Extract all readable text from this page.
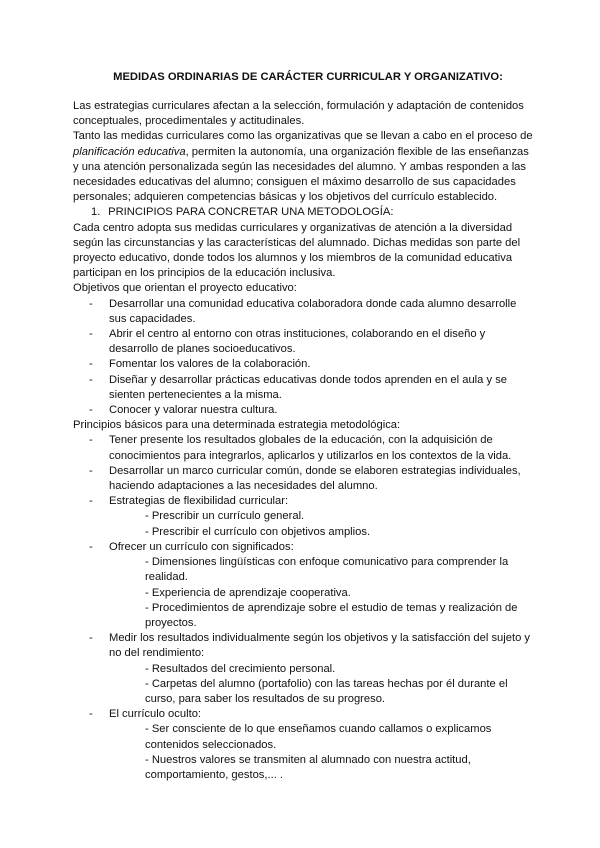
MEDIDAS ORDINARIAS DE CARÁCTER CURRICULAR Y ORGANIZATIVO:

Las estrategias curriculares afectan a la selección, formulación y adaptación de contenidos conceptuales, procedimentales y actitudinales.

Tanto las medidas curriculares como las organizativas que se llevan a cabo en el proceso de planificación educativa, permiten la autonomía, una organización flexible de las enseñanzas y una atención personalizada según las necesidades del alumno. Y ambas responden a las necesidades educativas del alumno; consiguen el máximo desarrollo de sus capacidades personales; adquieren competencias básicas y los objetivos del currículo establecido.

1. PRINCIPIOS PARA CONCRETAR UNA METODOLOGÍA:

Cada centro adopta sus medidas curriculares y organizativas de atención a la diversidad según las circunstancias y las características del alumnado. Dichas medidas son parte del proyecto educativo, donde todos los alumnos y los miembros de la comunidad educativa participan en los principios de la educación inclusiva.

Objetivos que orientan el proyecto educativo:

- Desarrollar una comunidad educativa colaboradora donde cada alumno desarrolle sus capacidades.
- Abrir el centro al entorno con otras instituciones, colaborando en el diseño y desarrollo de planes socioeducativos.
- Fomentar los valores de la colaboración.
- Diseñar y desarrollar prácticas educativas donde todos aprenden en el aula y se sienten pertenecientes a la misma.
- Conocer y valorar nuestra cultura.

Principios básicos para una determinada estrategia metodológica:

- Tener presente los resultados globales de la educación, con la adquisición de conocimientos para integrarlos, aplicarlos y utilizarlos en los contextos de la vida.
- Desarrollar un marco curricular común, donde se elaboren estrategias individuales, haciendo adaptaciones a las necesidades del alumno.
- Estrategias de flexibilidad curricular:
- Prescribir un currículo general.
- Prescribir el currículo con objetivos amplios.
- Ofrecer un currículo con significados:
- Dimensiones lingüísticas con enfoque comunicativo para comprender la realidad.
- Experiencia de aprendizaje cooperativa.
- Procedimientos de aprendizaje sobre el estudio de temas y realización de proyectos.
- Medir los resultados individualmente según los objetivos y la satisfacción del sujeto y no del rendimiento:
- Resultados del crecimiento personal.
- Carpetas del alumno (portafolio) con las tareas hechas por él durante el curso, para saber los resultados de su progreso.
- El currículo oculto:
- Ser consciente de lo que enseñamos cuando callamos o explicamos contenidos seleccionados.
- Nuestros valores se transmiten al alumnado con nuestra actitud, comportamiento, gestos,... .
